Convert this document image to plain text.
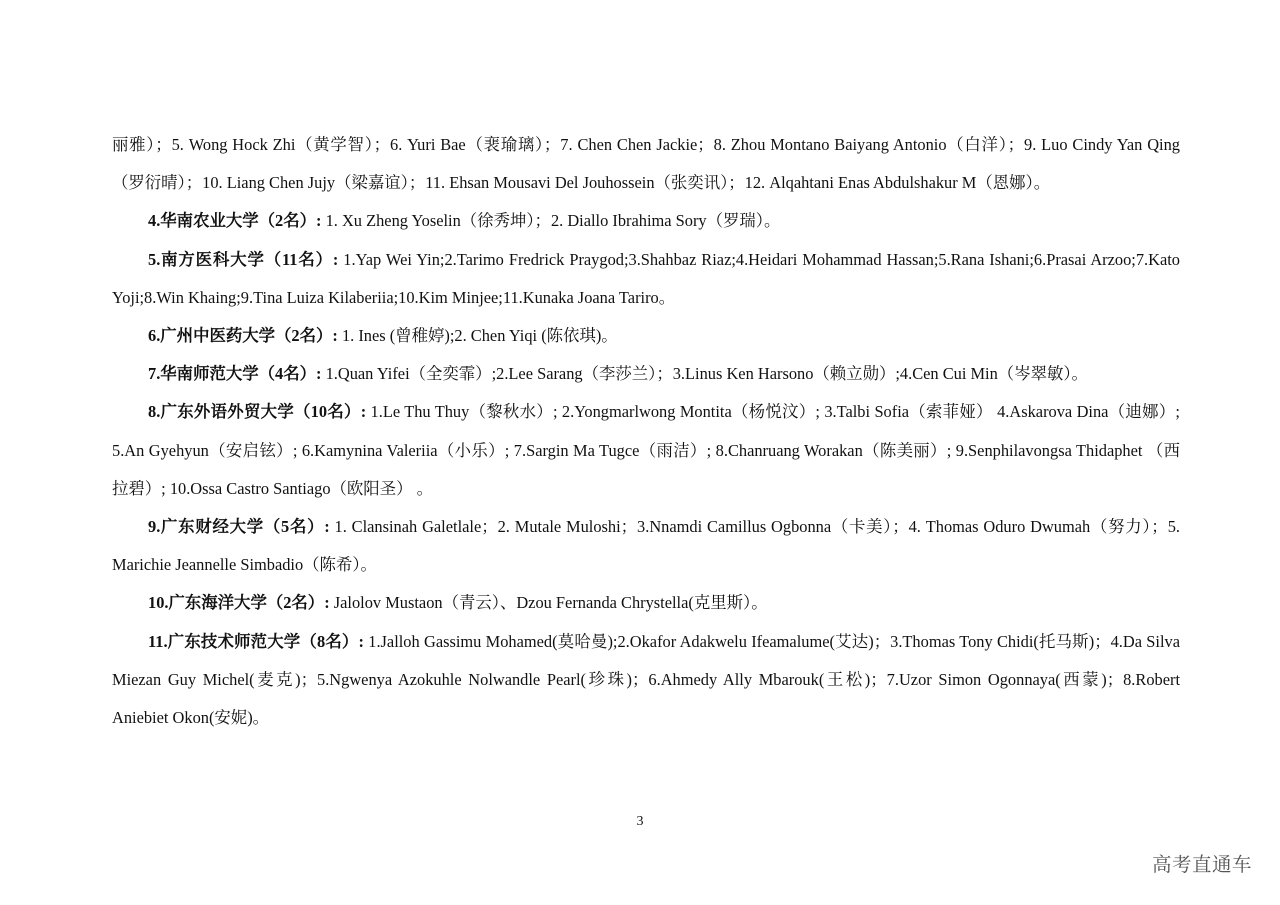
丽雅）；5. Wong Hock Zhi（黄学智）；6. Yuri Bae（裵瑜璃）；7. Chen Chen Jackie；8. Zhou Montano Baiyang Antonio（白洋）；9. Luo Cindy Yan Qing（罗衍晴）；10. Liang Chen Jujy（梁嘉谊）；11. Ehsan Mousavi Del Jouhossein（张奕讯）；12. Alqahtani Enas Abdulshakur M（恩娜）。

4.华南农业大学（2名）: 1. Xu Zheng Yoselin（徐秀坤）；2. Diallo Ibrahima Sory（罗瑞）。

5.南方医科大学（11名）: 1.Yap Wei Yin;2.Tarimo Fredrick Praygod;3.Shahbaz Riaz;4.Heidari Mohammad Hassan;5.Rana Ishani;6.Prasai Arzoo;7.Kato Yoji;8.Win Khaing;9.Tina Luiza Kilaberiia;10.Kim Minjee;11.Kunaka Joana Tariro。

6.广州中医药大学（2名）: 1. Ines (曾稚婷);2. Chen Yiqi (陈依琪)。

7.华南师范大学（4名）: 1.Quan Yifei（全奕霏）;2.Lee Sarang（李莎兰）；3.Linus Ken Harsono（赖立勋）;4.Cen Cui Min（岑翠敏）。

8.广东外语外贸大学（10名）: 1.Le Thu Thuy（黎秋水）; 2.Yongmarlwong Montita（杨悦汶）; 3.Talbi Sofia（索菲娅） 4.Askarova Dina（迪娜）; 5.An Gyehyun（安启铉）; 6.Kamynina Valeriia（小乐）; 7.Sargin Ma Tugce（雨洁）; 8.Chanruang Worakan（陈美丽）; 9.Senphilavongsa Thidaphet （西拉碧）; 10.Ossa Castro Santiago（欧阳圣） 。

9.广东财经大学（5名）: 1. Clansinah Galetlale；2. Mutale Muloshi；3.Nnamdi Camillus Ogbonna（卡美）；4. Thomas Oduro Dwumah（努力）；5. Marichie Jeannelle Simbadio（陈希）。

10.广东海洋大学（2名）: Jalolov Mustaon（青云）、Dzou Fernanda Chrystella(克里斯）。

11.广东技术师范大学（8名）: 1.Jalloh Gassimu Mohamed(莫哈曼);2.Okafor Adakwelu Ifeamalume(艾达)；3.Thomas Tony Chidi(托马斯)；4.Da Silva Miezan Guy Michel(麦克)；5.Ngwenya Azokuhle Nolwandle Pearl(珍珠)；6.Ahmedy Ally Mbarouk(王松)；7.Uzor Simon Ogonnaya(西蒙)；8.Robert Aniebiet Okon(安妮)。

3
高考直通车
